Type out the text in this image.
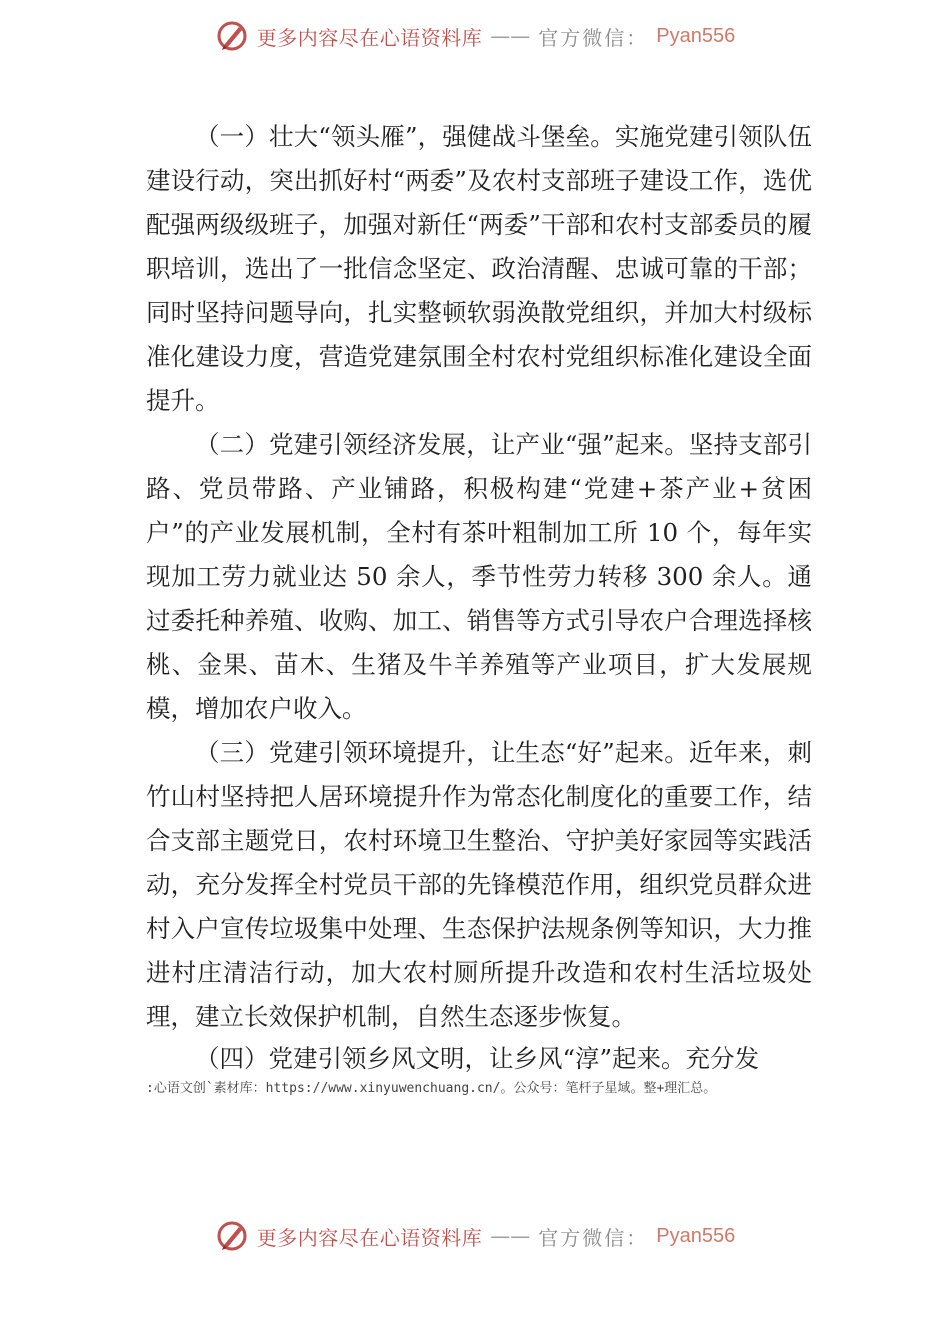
更多内容尽在心语资料库 —— 官方微信： Pyan556

（一）壮大“领头雁”，强健战斗堡垒。实施党建引领队伍建设行动，突出抓好村“两委”及农村支部班子建设工作，选优配强两级级班子，加强对新任“两委”干部和农村支部委员的履职培训，选出了一批信念坚定、政治清醒、忠诚可靠的干部；同时坚持问题导向，扎实整顿软弱涣散党组织，并加大村级标准化建设力度，营造党建氛围全村农村党组织标准化建设全面提升。

（二）党建引领经济发展，让产业“强”起来。坚持支部引路、党员带路、产业铺路，积极构建“党建+茶产业+贫困户”的产业发展机制，全村有茶叶粗制加工所 10 个，每年实现加工劳力就业达 50 余人，季节性劳力转移 300 余人。通过委托种养殖、收购、加工、销售等方式引导农户合理选择核桃、金果、苗木、生猪及牛羊养殖等产业项目，扩大发展规模，增加农户收入。

（三）党建引领环境提升，让生态“好”起来。近年来，刺竹山村坚持把人居环境提升作为常态化制度化的重要工作，结合支部主题党日，农村环境卫生整治、守护美好家园等实践活动，充分发挥全村党员干部的先锋模范作用，组织党员群众进村入户宣传垃圾集中处理、生态保护法规条例等知识，大力推进村庄清洁行动，加大农村厕所提升改造和农村生活垃圾处理，建立长效保护机制，自然生态逐步恢复。

（四）党建引领乡风文明，让乡风“淳”起来。充分发

:心语文创`素材库：https://www.xinyuwenchuang.cn/。公众号：笔杆子星域。整+理汇总。
更多内容尽在心语资料库 —— 官方微信： Pyan556
